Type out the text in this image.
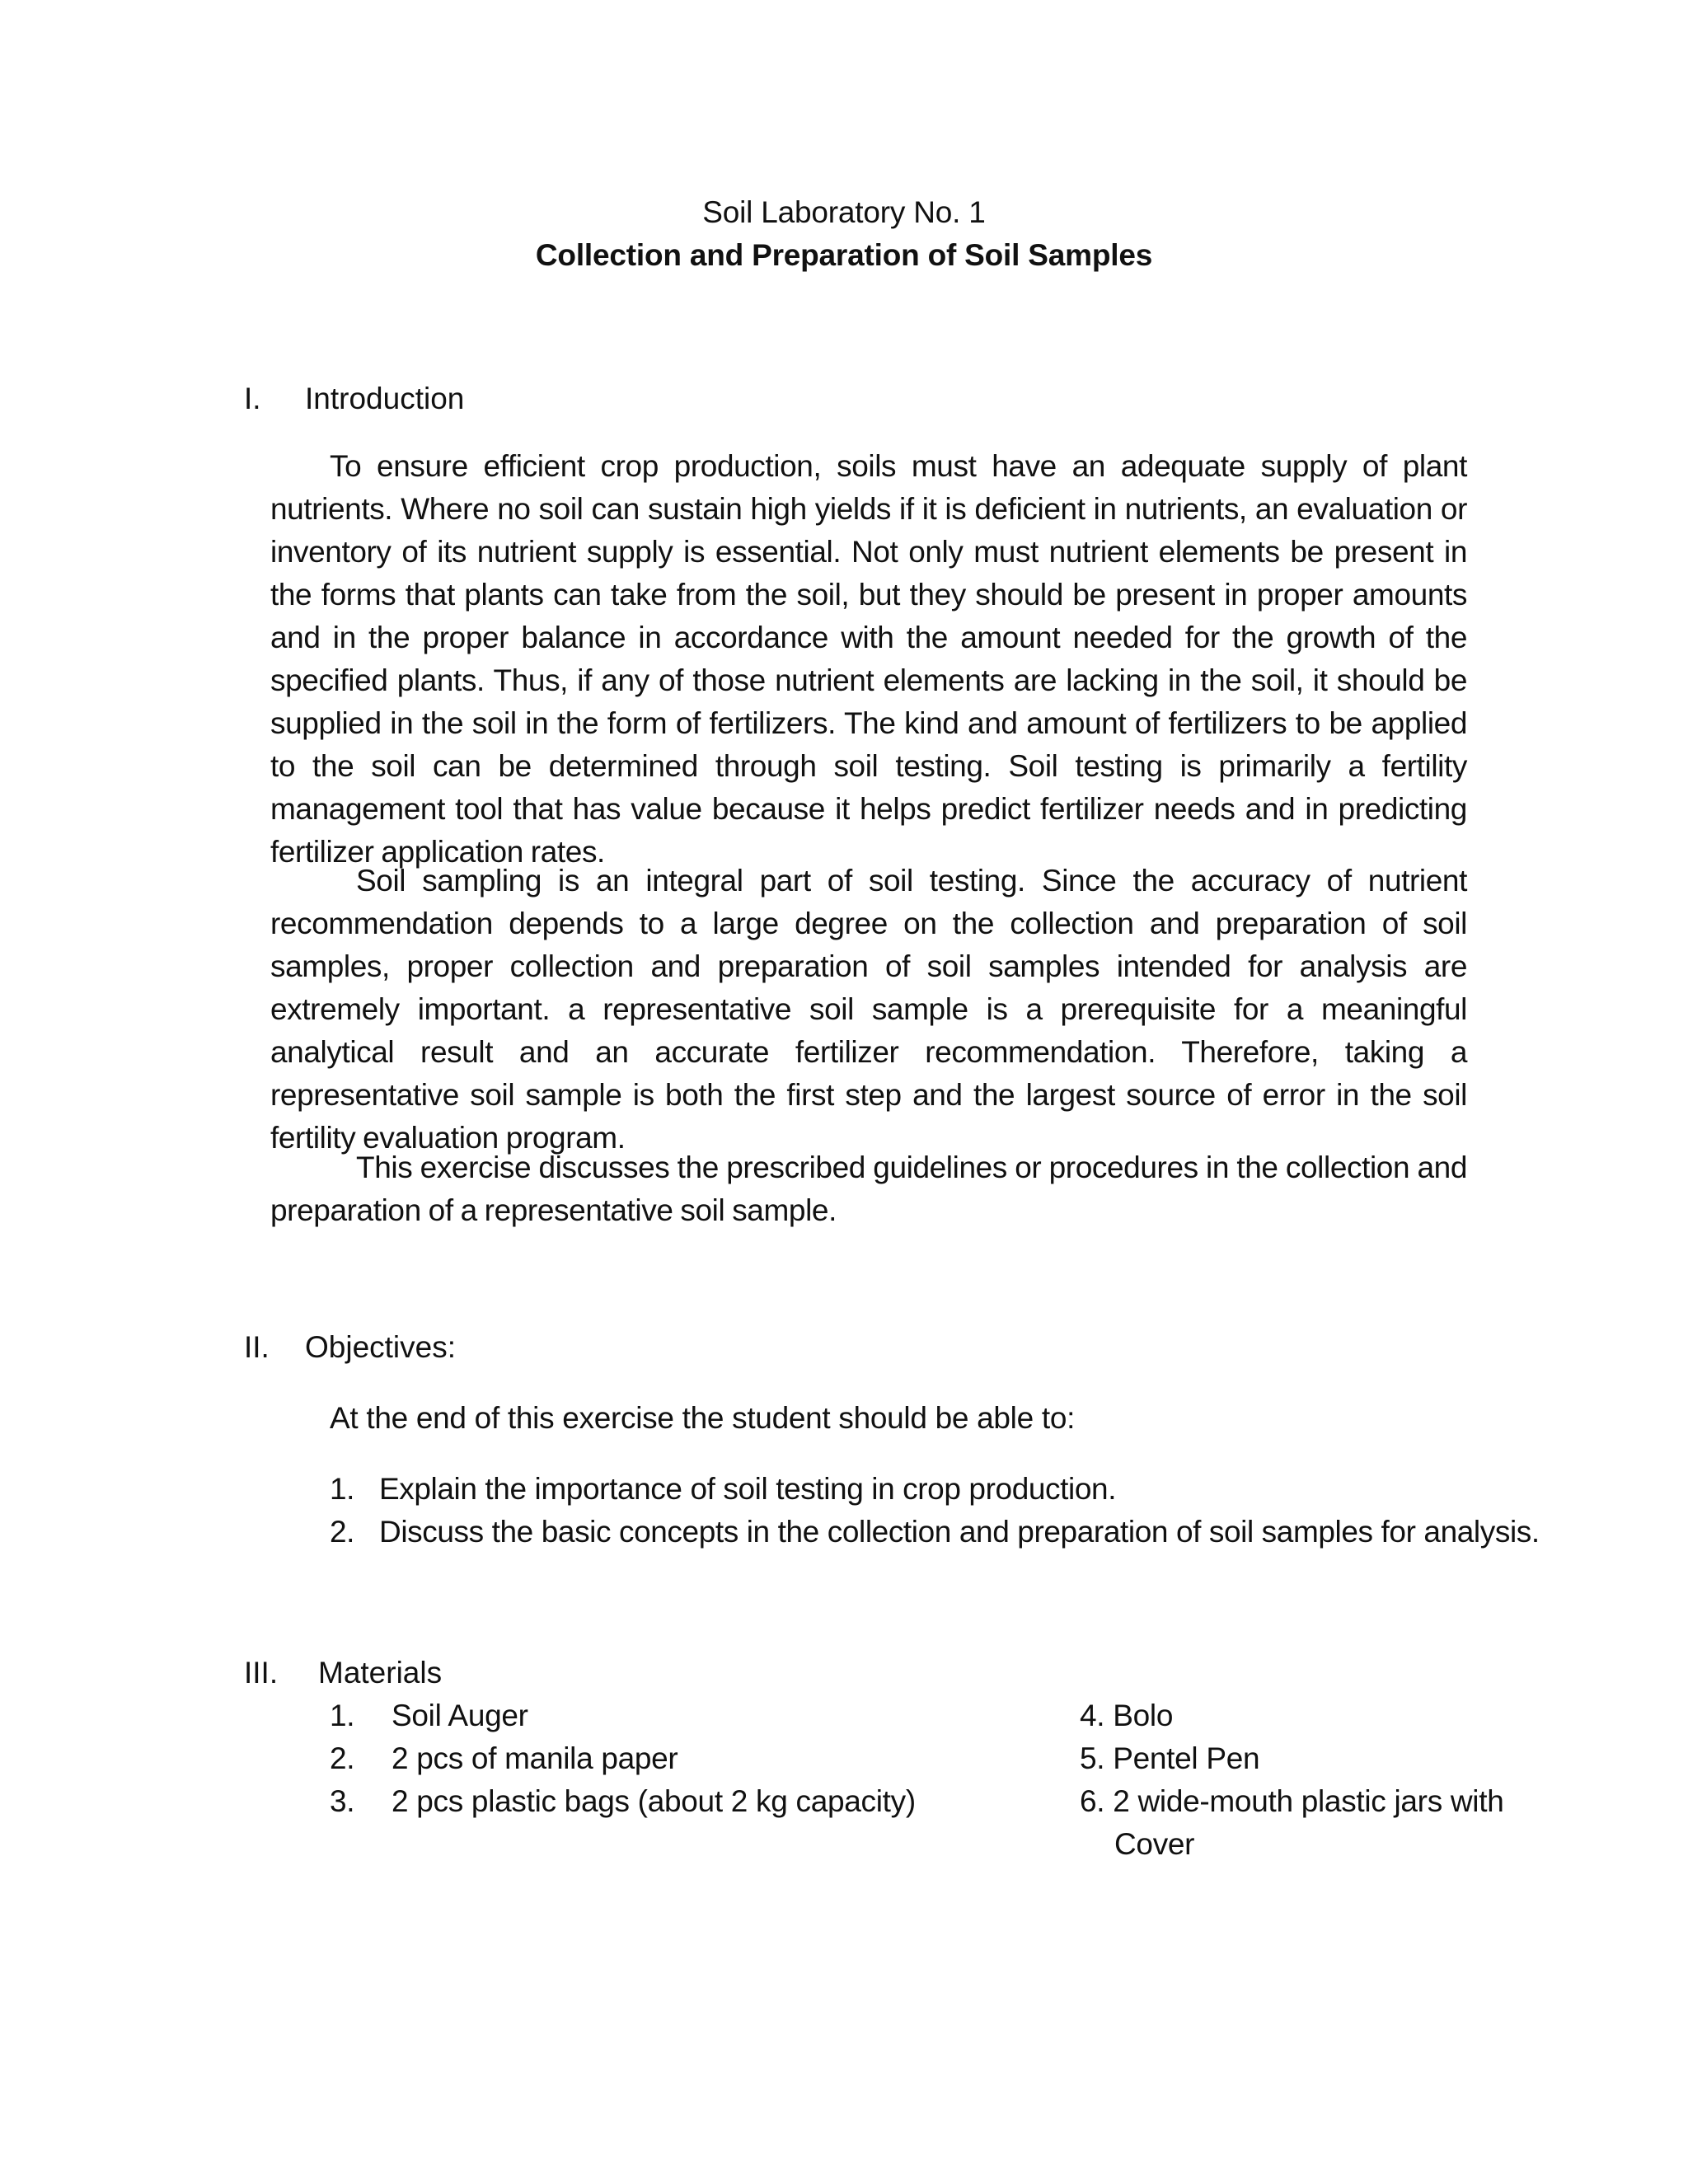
Soil Laboratory No. 1
Collection and Preparation of Soil Samples
I. Introduction
To ensure efficient crop production, soils must have an adequate supply of plant nutrients. Where no soil can sustain high yields if it is deficient in nutrients, an evaluation or inventory of its nutrient supply is essential. Not only must nutrient elements be present in the forms that plants can take from the soil, but they should be present in proper amounts and in the proper balance in accordance with the amount needed for the growth of the specified plants. Thus, if any of those nutrient elements are lacking in the soil, it should be supplied in the soil in the form of fertilizers. The kind and amount of fertilizers to be applied to the soil can be determined through soil testing. Soil testing is primarily a fertility management tool that has value because it helps predict fertilizer needs and in predicting fertilizer application rates.
Soil sampling is an integral part of soil testing. Since the accuracy of nutrient recommendation depends to a large degree on the collection and preparation of soil samples, proper collection and preparation of soil samples intended for analysis are extremely important. a representative soil sample is a prerequisite for a meaningful analytical result and an accurate fertilizer recommendation. Therefore, taking a representative soil sample is both the first step and the largest source of error in the soil fertility evaluation program.
This exercise discusses the prescribed guidelines or procedures in the collection and preparation of a representative soil sample.
II. Objectives:
At the end of this exercise the student should be able to:
1. Explain the importance of soil testing in crop production.
2. Discuss the basic concepts in the collection and preparation of soil samples for analysis.
III. Materials
1. Soil Auger
2. 2 pcs of manila paper
3. 2 pcs plastic bags (about 2 kg capacity)
4. Bolo
5. Pentel Pen
6. 2 wide-mouth plastic jars with
Cover
